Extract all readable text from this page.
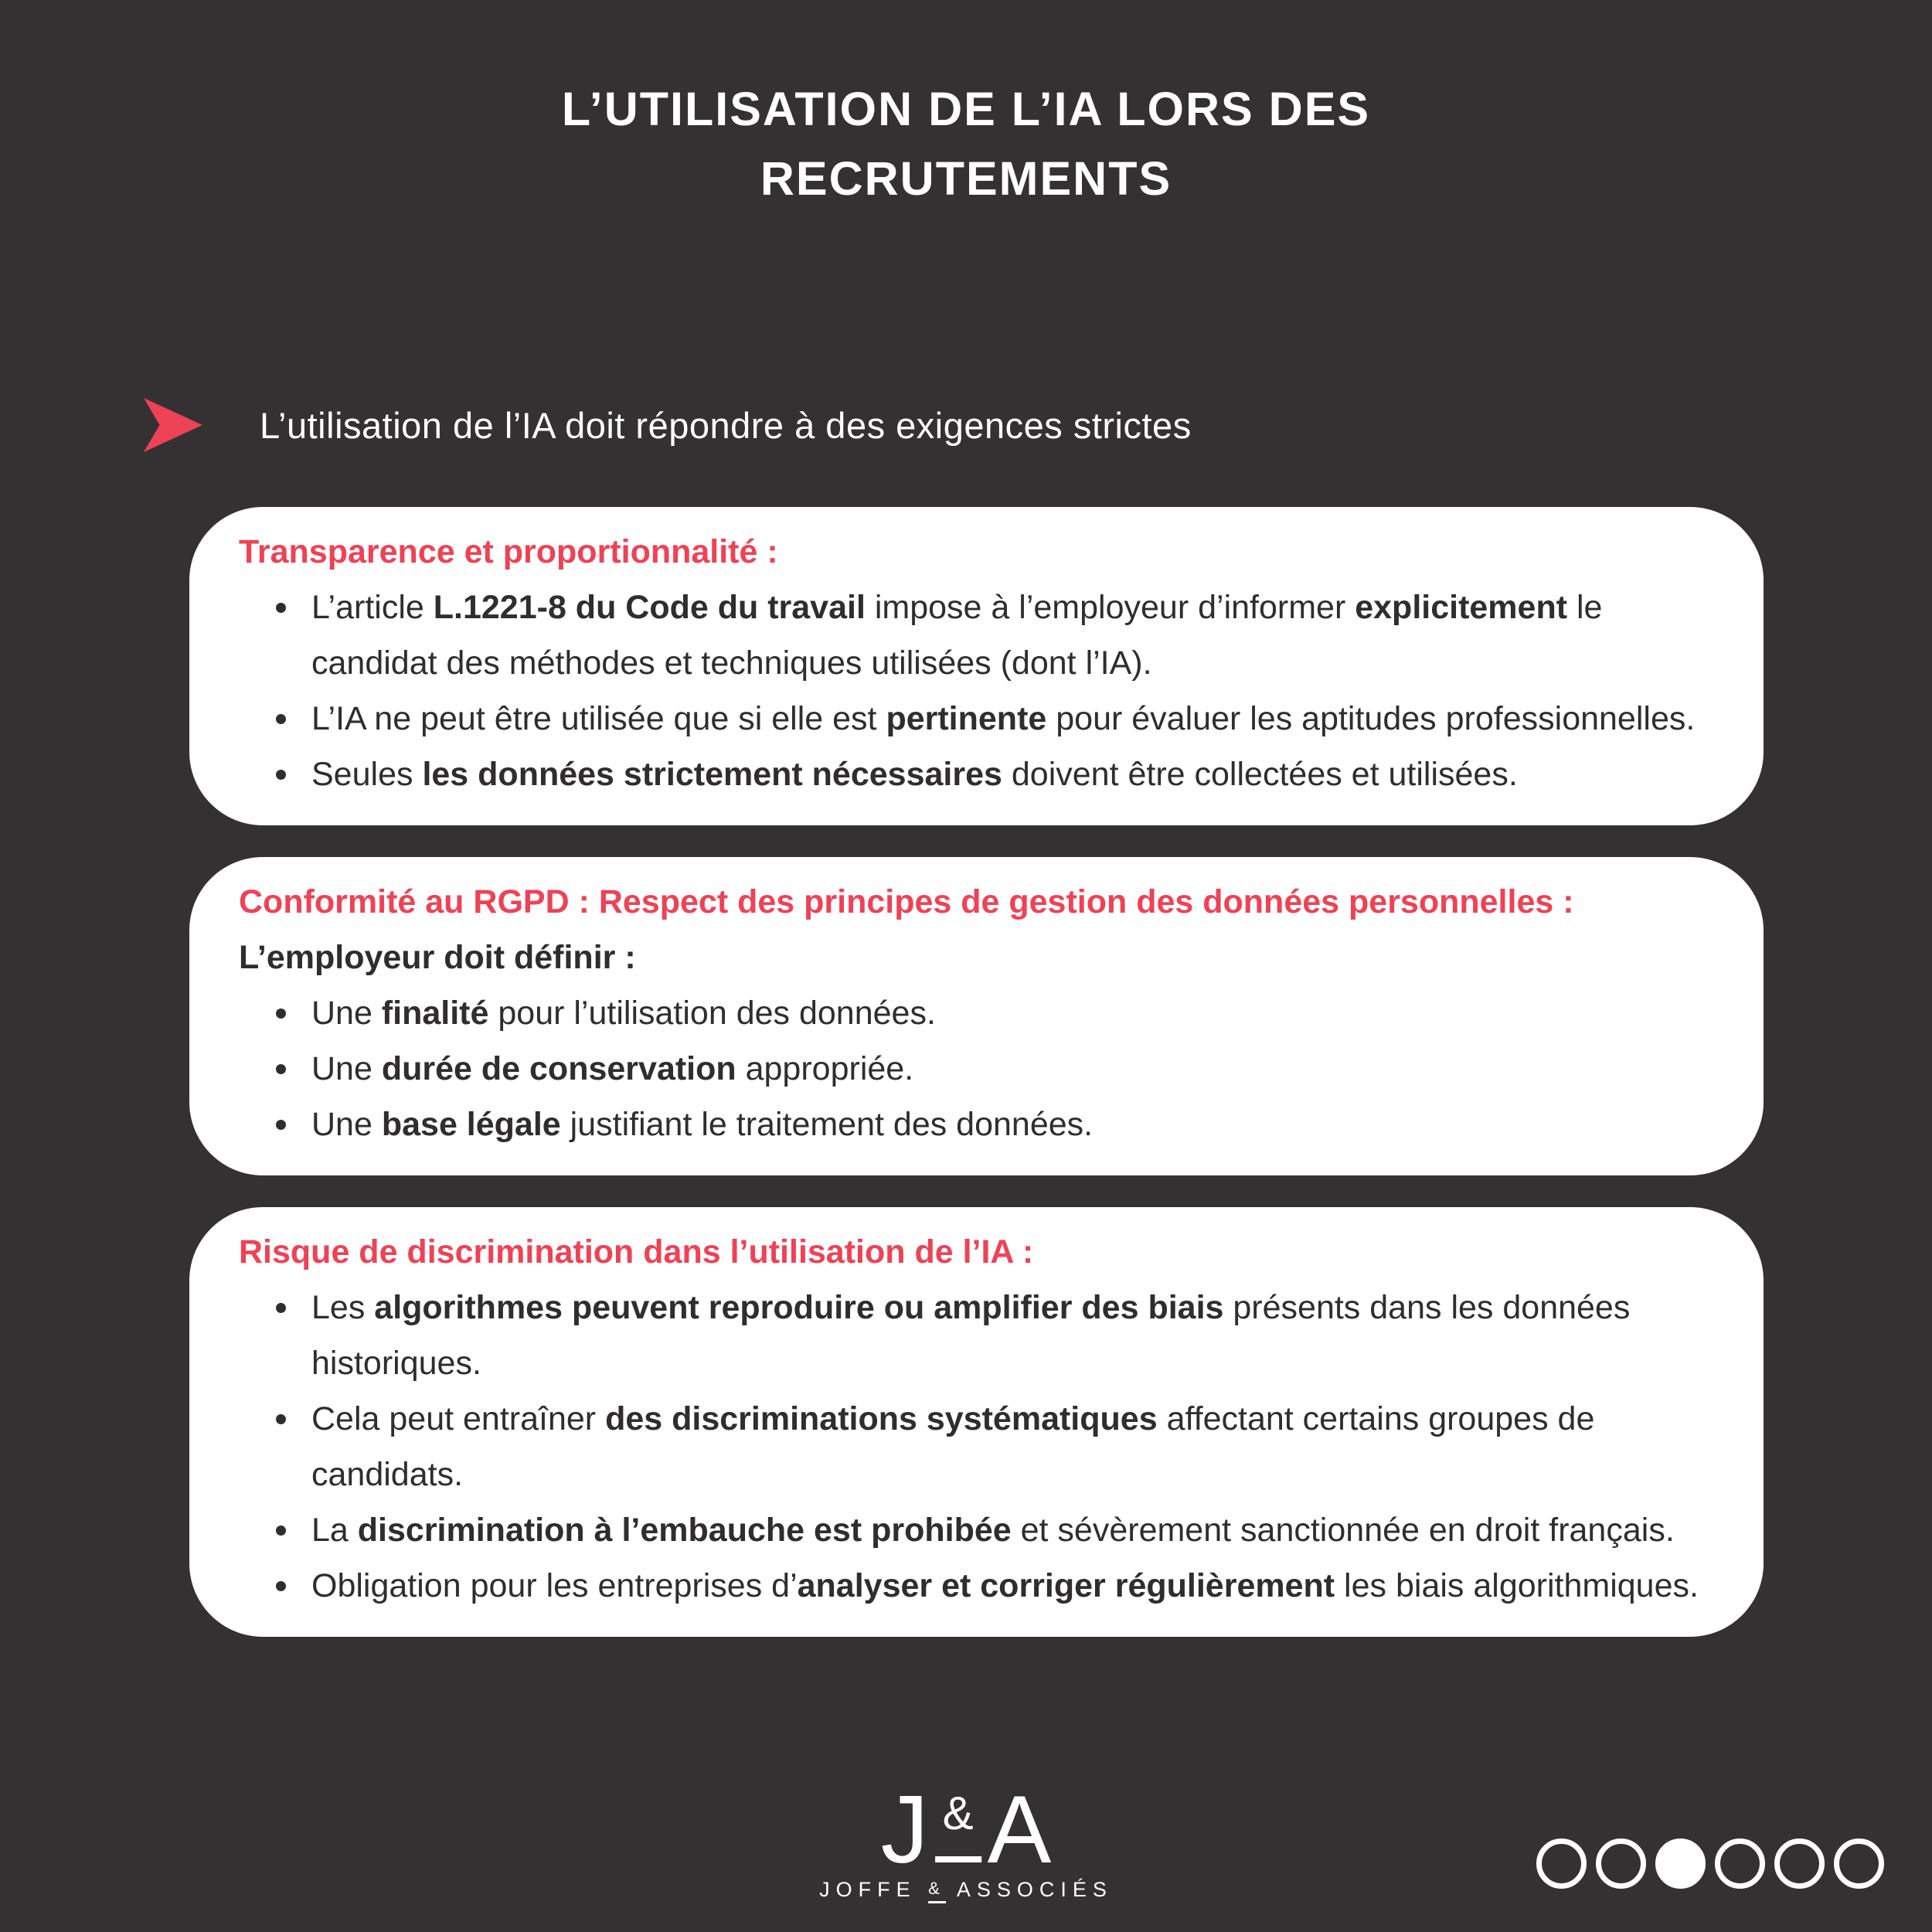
L’UTILISATION DE L’IA LORS DES
RECRUTEMENTS
L’utilisation de l’IA doit répondre à des exigences strictes
Transparence et proportionnalité :
L’article L.1221-8 du Code du travail impose à l’employeur d’informer explicitement le candidat des méthodes et techniques utilisées (dont l’IA).
L’IA ne peut être utilisée que si elle est pertinente pour évaluer les aptitudes professionnelles.
Seules les données strictement nécessaires doivent être collectées et utilisées.
Conformité au RGPD : Respect des principes de gestion des données personnelles :

L’employeur doit définir :

Une finalité pour l’utilisation des données.
Une durée de conservation appropriée.
Une base légale justifiant le traitement des données.
Risque de discrimination dans l’utilisation de l’IA :
Les algorithmes peuvent reproduire ou amplifier des biais présents dans les données historiques.
Cela peut entraîner des discriminations systématiques affectant certains groupes de candidats.
La discrimination à l’embauche est prohibée et sévèrement sanctionnée en droit français.
Obligation pour les entreprises d’analyser et corriger régulièrement les biais algorithmiques.
J & A
JOFFE & ASSOCIÉS
